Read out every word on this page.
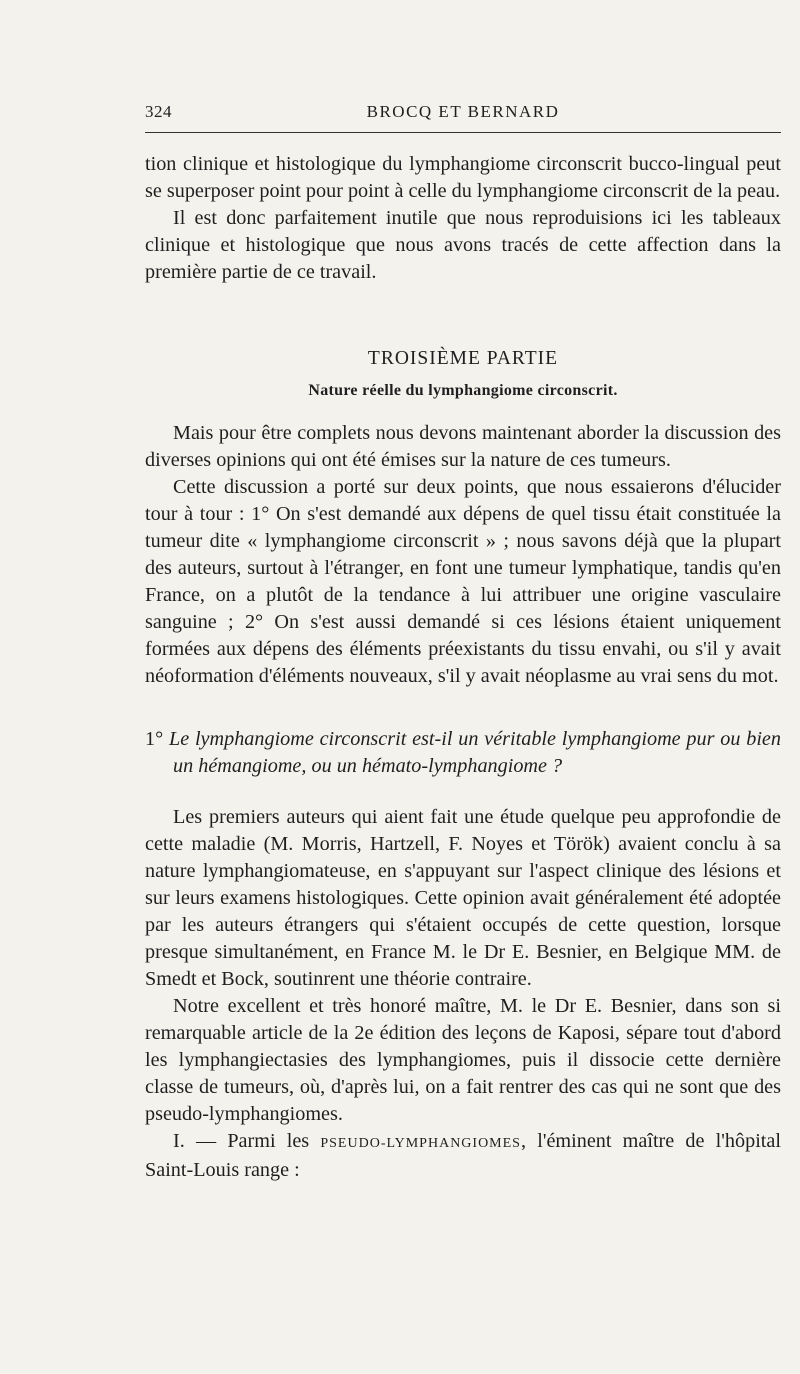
324	BROCQ ET BERNARD

tion clinique et histologique du lymphangiome circonscrit bucco-lingual peut se superposer point pour point à celle du lymphangiome circonscrit de la peau.

Il est donc parfaitement inutile que nous reproduisions ici les tableaux clinique et histologique que nous avons tracés de cette affection dans la première partie de ce travail.

TROISIÈME PARTIE
Nature réelle du lymphangiome circonscrit.

Mais pour être complets nous devons maintenant aborder la discussion des diverses opinions qui ont été émises sur la nature de ces tumeurs.

Cette discussion a porté sur deux points, que nous essaierons d'élucider tour à tour : 1° On s'est demandé aux dépens de quel tissu était constituée la tumeur dite « lymphangiome circonscrit » ; nous savons déjà que la plupart des auteurs, surtout à l'étranger, en font une tumeur lymphatique, tandis qu'en France, on a plutôt de la tendance à lui attribuer une origine vasculaire sanguine ; 2° On s'est aussi demandé si ces lésions étaient uniquement formées aux dépens des éléments préexistants du tissu envahi, ou s'il y avait néoformation d'éléments nouveaux, s'il y avait néoplasme au vrai sens du mot.

1° Le lymphangiome circonscrit est-il un véritable lymphangiome pur ou bien un hémangiome, ou un hémato-lymphangiome ?

Les premiers auteurs qui aient fait une étude quelque peu approfondie de cette maladie (M. Morris, Hartzell, F. Noyes et Török) avaient conclu à sa nature lymphangiomateuse, en s'appuyant sur l'aspect clinique des lésions et sur leurs examens histologiques. Cette opinion avait généralement été adoptée par les auteurs étrangers qui s'étaient occupés de cette question, lorsque presque simultanément, en France M. le Dr E. Besnier, en Belgique MM. de Smedt et Bock, soutinrent une théorie contraire.

Notre excellent et très honoré maître, M. le Dr E. Besnier, dans son si remarquable article de la 2e édition des leçons de Kaposi, sépare tout d'abord les lymphangiectasies des lymphangiomes, puis il dissocie cette dernière classe de tumeurs, où, d'après lui, on a fait rentrer des cas qui ne sont que des pseudo-lymphangiomes.

I. — Parmi les PSEUDO-LYMPHANGIOMES, l'éminent maître de l'hôpital Saint-Louis range :
